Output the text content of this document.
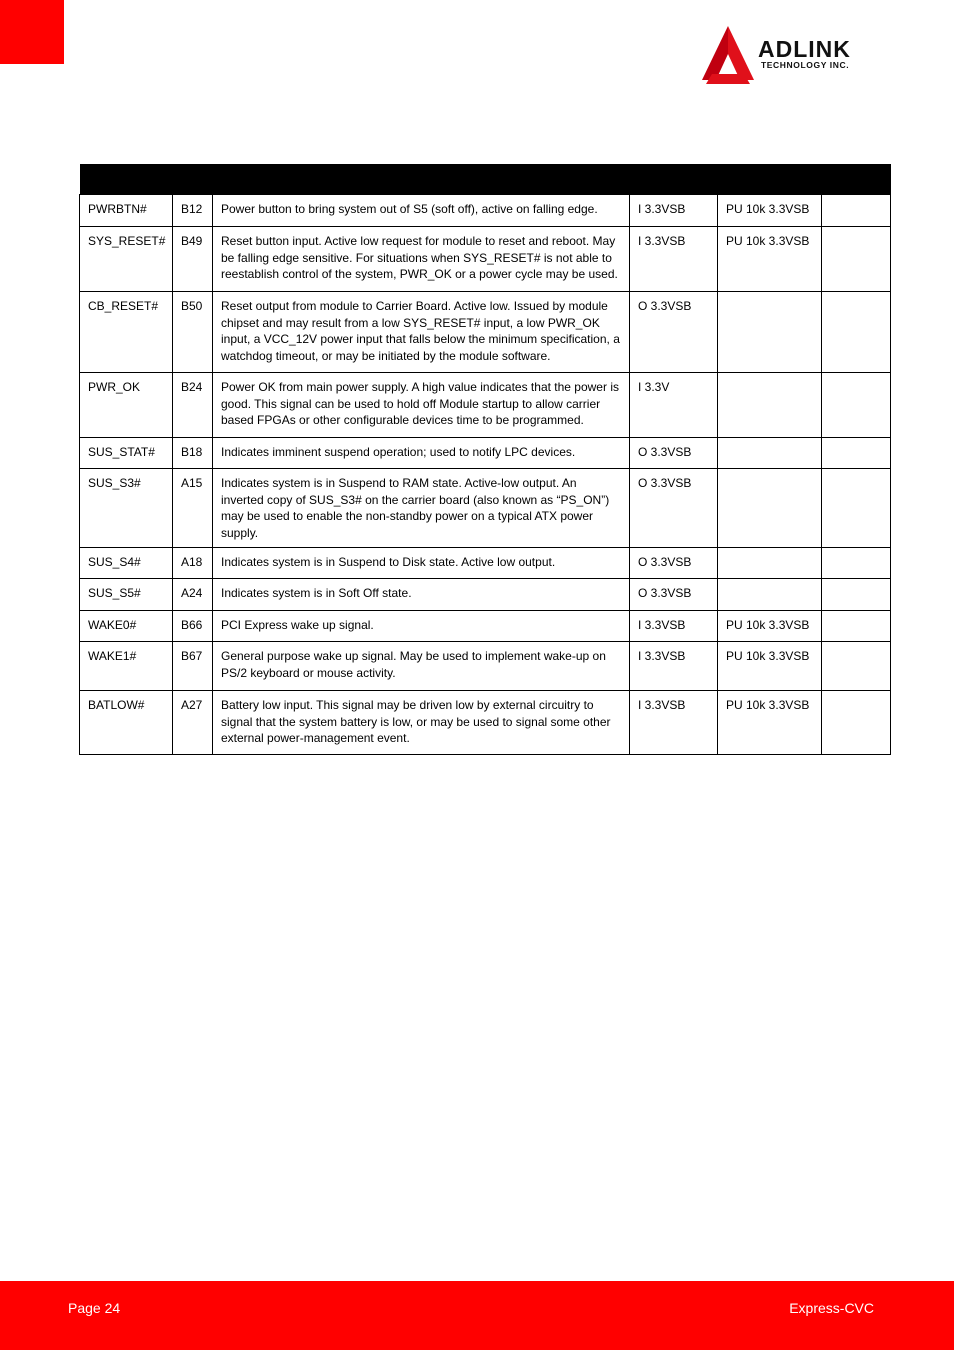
ADLINK
TECHNOLOGY INC.

PWRBTN#	B12	Power button to bring system out of S5 (soft off), active on falling edge.	I 3.3VSB	PU 10k 3.3VSB	
SYS_RESET#	B49	Reset button input. Active low request for module to reset and reboot. May be falling edge sensitive. For situations when SYS_RESET# is not able to reestablish control of the system, PWR_OK or a power cycle may be used.	I 3.3VSB	PU 10k 3.3VSB	
CB_RESET#	B50	Reset output from module to Carrier Board. Active low. Issued by module chipset and may result from a low SYS_RESET# input, a low PWR_OK input, a VCC_12V power input that falls below the minimum specification, a watchdog timeout, or may be initiated by the module software.	O 3.3VSB		
PWR_OK	B24	Power OK from main power supply. A high value indicates that the power is good. This signal can be used to hold off Module startup to allow carrier based FPGAs or other configurable devices time to be programmed.	I 3.3V		
SUS_STAT#	B18	Indicates imminent suspend operation; used to notify LPC devices.	O 3.3VSB		
SUS_S3#	A15	Indicates system is in Suspend to RAM state. Active-low output. An inverted copy of SUS_S3# on the carrier board (also known as “PS_ON”) may be used to enable the non-standby power on a typical ATX power supply.	O 3.3VSB		
SUS_S4#	A18	Indicates system is in Suspend to Disk state. Active low output.	O 3.3VSB		
SUS_S5#	A24	Indicates system is in Soft Off state.	O 3.3VSB		
WAKE0#	B66	PCI Express wake up signal.	I 3.3VSB	PU 10k 3.3VSB	
WAKE1#	B67	General purpose wake up signal. May be used to implement wake-up on PS/2 keyboard or mouse activity.	I 3.3VSB	PU 10k 3.3VSB	
BATLOW#	A27	Battery low input. This signal may be driven low by external circuitry to signal that the system battery is low, or may be used to signal some other external power-management event.	I 3.3VSB	PU 10k 3.3VSB	
Page 24	Express-CVC
